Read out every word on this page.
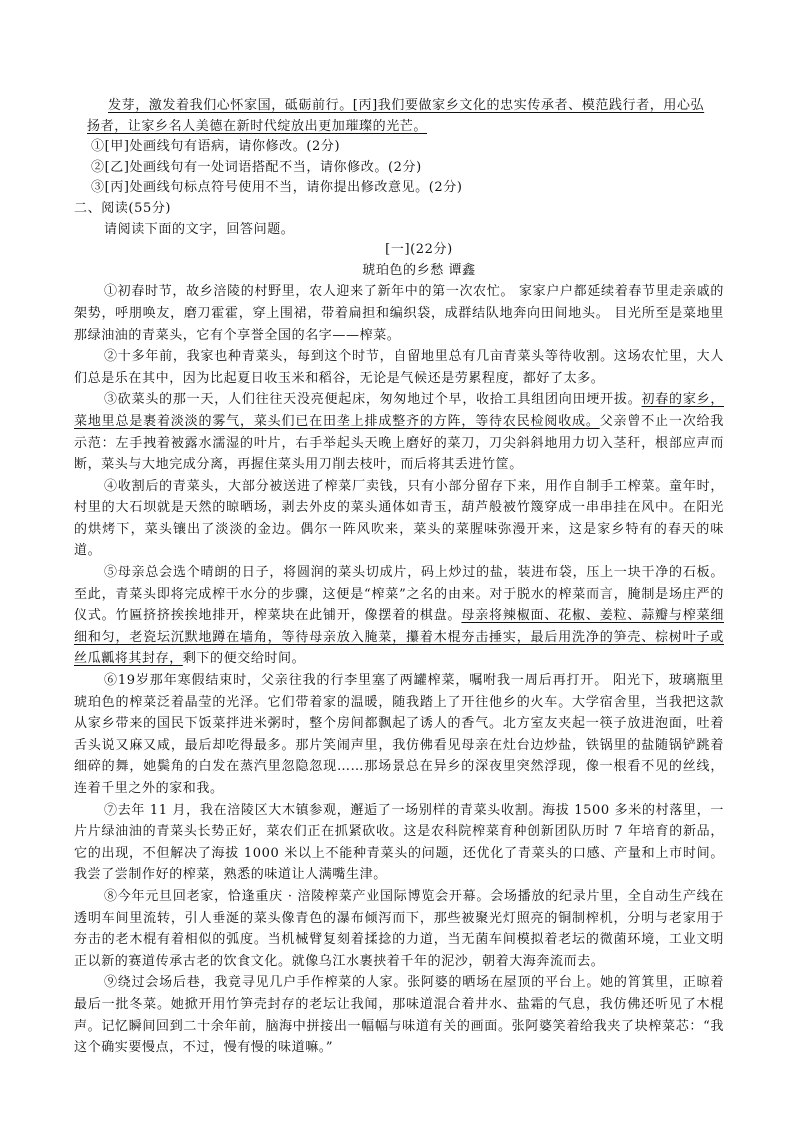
发芽，激发着我们心怀家国，砥砺前行。[丙]我们要做家乡文化的忠实传承者、模范践行者，用心弘
扬者，让家乡名人美德在新时代绽放出更加璀璨的光芒。
①[甲]处画线句有语病，请你修改。(2分)
②[乙]处画线句有一处词语搭配不当，请你修改。(2分)
③[丙]处画线句标点符号使用不当，请你提出修改意见。(2分)
二、阅读(55分)
请阅读下面的文字，回答问题。
[一](22分)
琥珀色的乡愁 谭鑫

①初春时节，故乡涪陵的村野里，农人迎来了新年中的第一次农忙。 家家户户都延续着春节里走亲戚的架势，呼朋唤友，磨刀霍霍，穿上围裙，带着扁担和编织袋，成群结队地奔向田间地头。 目光所至是菜地里那绿油油的青菜头，它有个享誉全国的名字——榨菜。

②十多年前，我家也种青菜头，每到这个时节，自留地里总有几亩青菜头等待收割。这场农忙里，大人们总是乐在其中，因为比起夏日收玉米和稻谷，无论是气候还是劳累程度，都好了太多。

③砍菜头的那一天，人们往往天没亮便起床，匆匆地过个早，收拾工具组团向田埂开拔。初春的家乡，菜地里总是裹着淡淡的雾气，菜头们已在田垄上排成整齐的方阵，等待农民检阅收成。父亲曾不止一次给我示范：左手拽着被露水濡湿的叶片，右手举起头天晚上磨好的菜刀，刀尖斜斜地用力切入茎秆，根部应声而断，菜头与大地完成分离，再握住菜头用刀削去枝叶，而后将其丢进竹筐。

④收割后的青菜头，大部分被送进了榨菜厂卖钱，只有小部分留存下来，用作自制手工榨菜。童年时，村里的大石坝就是天然的晾晒场，剥去外皮的菜头通体如青玉，葫芦般被竹篾穿成一串串挂在风中。在阳光的烘烤下，菜头镶出了淡淡的金边。偶尔一阵风吹来，菜头的菜腥味弥漫开来，这是家乡特有的春天的味道。

⑤母亲总会选个晴朗的日子，将圆润的菜头切成片，码上炒过的盐，装进布袋，压上一块干净的石板。至此，青菜头即将完成榨干水分的步骤，这便是“榨菜”之名的由来。对于脱水的榨菜而言，腌制是场庄严的仪式。竹匾挤挤挨挨地排开，榨菜块在此铺开，像摆着的棋盘。母亲将辣椒面、花椒、姜粒、蒜瓣与榨菜细细和匀，老瓷坛沉默地蹲在墙角，等待母亲放入腌菜，攥着木棍夯击捶实，最后用洗净的笋壳、棕树叶子或丝瓜瓤将其封存，剩下的便交给时间。

⑥19岁那年寒假结束时，父亲往我的行李里塞了两罐榨菜，嘱咐我一周后再打开。 阳光下，玻璃瓶里琥珀色的榨菜泛着晶莹的光泽。它们带着家的温暖，随我踏上了开往他乡的火车。大学宿舍里，当我把这款从家乡带来的国民下饭菜拌进米粥时，整个房间都飘起了诱人的香气。北方室友夹起一筷子放进泡面，吐着舌头说又麻又咸，最后却吃得最多。那片笑闹声里，我仿佛看见母亲在灶台边炒盐，铁锅里的盐随锅铲跳着细碎的舞，她鬓角的白发在蒸汽里忽隐忽现……那场景总在异乡的深夜里突然浮现，像一根看不见的丝线，连着千里之外的家和我。

⑦去年 11 月，我在涪陵区大木镇参观，邂逅了一场别样的青菜头收割。海拔 1500 多米的村落里，一片片绿油油的青菜头长势正好，菜农们正在抓紧砍收。这是农科院榨菜育种创新团队历时 7 年培育的新品，它的出现，不但解决了海拔 1000 米以上不能种青菜头的问题，还优化了青菜头的口感、产量和上市时间。我尝了尝制作好的榨菜，熟悉的味道让人满嘴生津。

⑧今年元旦回老家，恰逢重庆 · 涪陵榨菜产业国际博览会开幕。会场播放的纪录片里，全自动生产线在透明车间里流转，引人垂涎的菜头像青色的瀑布倾泻而下，那些被聚光灯照亮的铜制榨机，分明与老家用于夯击的老木棍有着相似的弧度。当机械臂复刻着揉捻的力道，当无菌车间模拟着老坛的微菌环境，工业文明正以新的赛道传承古老的饮食文化。就像乌江水裹挟着千年的泥沙，朝着大海奔流而去。

⑨绕过会场后巷，我竟寻见几户手作榨菜的人家。张阿婆的晒场在屋顶的平台上。她的筲箕里，正晾着最后一批冬菜。她掀开用竹笋壳封存的老坛让我闻，那味道混合着井水、盐霜的气息，我仿佛还听见了木棍声。记忆瞬间回到二十余年前，脑海中拼接出一幅幅与味道有关的画面。张阿婆笑着给我夹了块榨菜芯：“我这个确实要慢点，不过，慢有慢的味道嘛。”
